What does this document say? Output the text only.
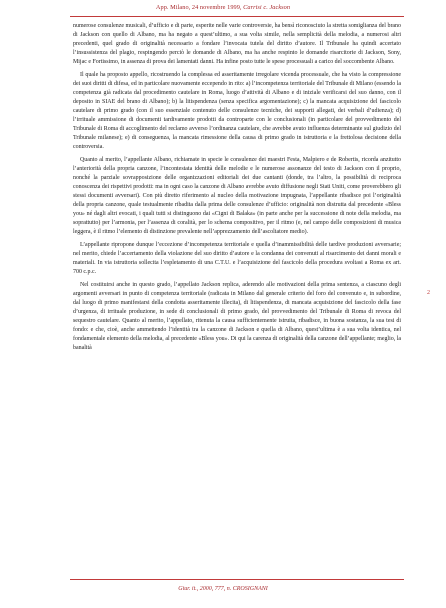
App. Milano, 24 novembre 1999, Carrisi c. Jackson

numerose consulenze musicali, d’ufficio e di parte, esperite nelle varie controversie, ha bensì riconosciuto la stretta somiglianza del brano di Jackson con quello di Albano, ma ha negato a quest’ultimo, a sua volta simile, nella semplicità della melodia, a numerosi altri precedenti, quel grado di originalità necessario a fondare l’invocata tutela del diritto d’autore. Il Tribunale ha quindi accertato l’insussistenza del plagio, respingendo perciò le domande di Albano, ma ha anche respinto le domande risarcitorie di Jackson, Sony, Mijac e Fortissimo, in assenza di prova dei lamentati danni. Ha infine posto tutte le spese processuali a carico del soccombente Albano.

Il quale ha proposto appello, ricostruendo la complessa ed asseritamente irregolare vicenda processuale, che ha visto la compressione dei suoi diritti di difesa, ed in particolare nuovamente eccependo in rito: a) l’incompetenza territoriale del Tribunale di Milano (essendo la competenza già radicata dal procedimento cautelare in Roma, luogo d’attività di Albano e di iniziale verificarsi del suo danno, con il deposito in SIAE del brano di Albano); b) la litispendenza (senza specifica argomentazione); c) la mancata acquisizione del fascicolo cautelare di primo grado (con il suo essenziale contenuto delle consulenze tecniche, dei supporti allegati, dei verbali d’udienza); d) l’irrituale ammissione di documenti tardivamente prodotti da controparte con le conclusionali (in particolare del provvedimento del Tribunale di Roma di accoglimento del reclamo avverso l’ordinanza cautelare, che avrebbe avuto influenza determinante sul giudizio del Tribunale milanese); e) di conseguenza, la mancata rimessione della causa di primo grado in istruttoria e la frettolosa decisione della controversia.

Quanto al merito, l’appellante Albano, richiamate in specie le consulenze dei maestri Festa, Malpiero e de Robertis, ricorda anzitutto l’anteriorità della propria canzone, l’incontestata identità delle melodie e le numerose assonanze del testo di Jackson con il proprio, nonché la parziale sovrapposizione delle organizzazioni editoriali dei due cantanti (donde, tra l’altro, la possibilità di reciproca conoscenza dei rispettivi prodotti: ma in ogni caso la canzone di Albano avrebbe avuto diffusione negli Stati Uniti, come proverebbero gli stessi documenti avversari). Con più diretto riferimento al nucleo della motivazione impugnata, l’appellante ribadisce poi l’originalità della propria canzone, quale testualmente ribadita dalla prima delle consulenze d’ufficio: originalità non distrutta dal precedente «Bless you» né dagli altri evocati, i quali tutti si distinguono dai «Cigni di Balaka» (in parte anche per la successione di note della melodia, ma soprattutto) per l’armonia, per l’assenza di coralità, per lo schema compositivo, per il ritmo (e, nel campo delle composizioni di musica leggera, è il ritmo l’elemento di distinzione prevalente nell’apprezzamento dell’ascoltatore medio).

L’appellante ripropone dunque l’eccezione d’incompetenza territoriale e quella d’inammissibilità delle tardive produzioni avversarie; nel merito, chiede l’accertamento della violazione del suo diritto d’autore e la condanna dei convenuti al risarcimento dei danni morali e materiali. In via istruttoria sollecita l’espletamento di una C.T.U. e l’acquisizione del fascicolo della procedura svoltasi a Roma ex art. 700 c.p.c.

Nel costituirsi anche in questo grado, l’appellato Jackson replica, aderendo alle motivazioni della prima sentenza, a ciascuno degli argomenti avversari in punto di competenza territoriale (radicata in Milano dal generale criterio del foro del convenuto e, in subordine, dal luogo di primo manifestarsi della condotta asseritamente illecita), di litispendenza, di mancata acquisizione del fascicolo della fase d’urgenza, di irrituale produzione, in sede di conclusionali di primo grado, del provvedimento del Tribunale di Roma di revoca del sequestro cautelare. Quanto al merito, l’appellato, ritenuta la causa sufficientemente istruita, ribadisce, in buona sostanza, la sua tesi di fondo: e che, cioè, anche ammettendo l’identità tra la canzone di Jackson e quella di Albano, quest’ultima è a sua volta identica, nel fondamentale elemento della melodia, al precedente «Bless you». Di qui la carenza di originalità della canzone dell’appellante; meglio, la banalità

2
Giur. it., 2000, 777, n. CROSIGNANI
